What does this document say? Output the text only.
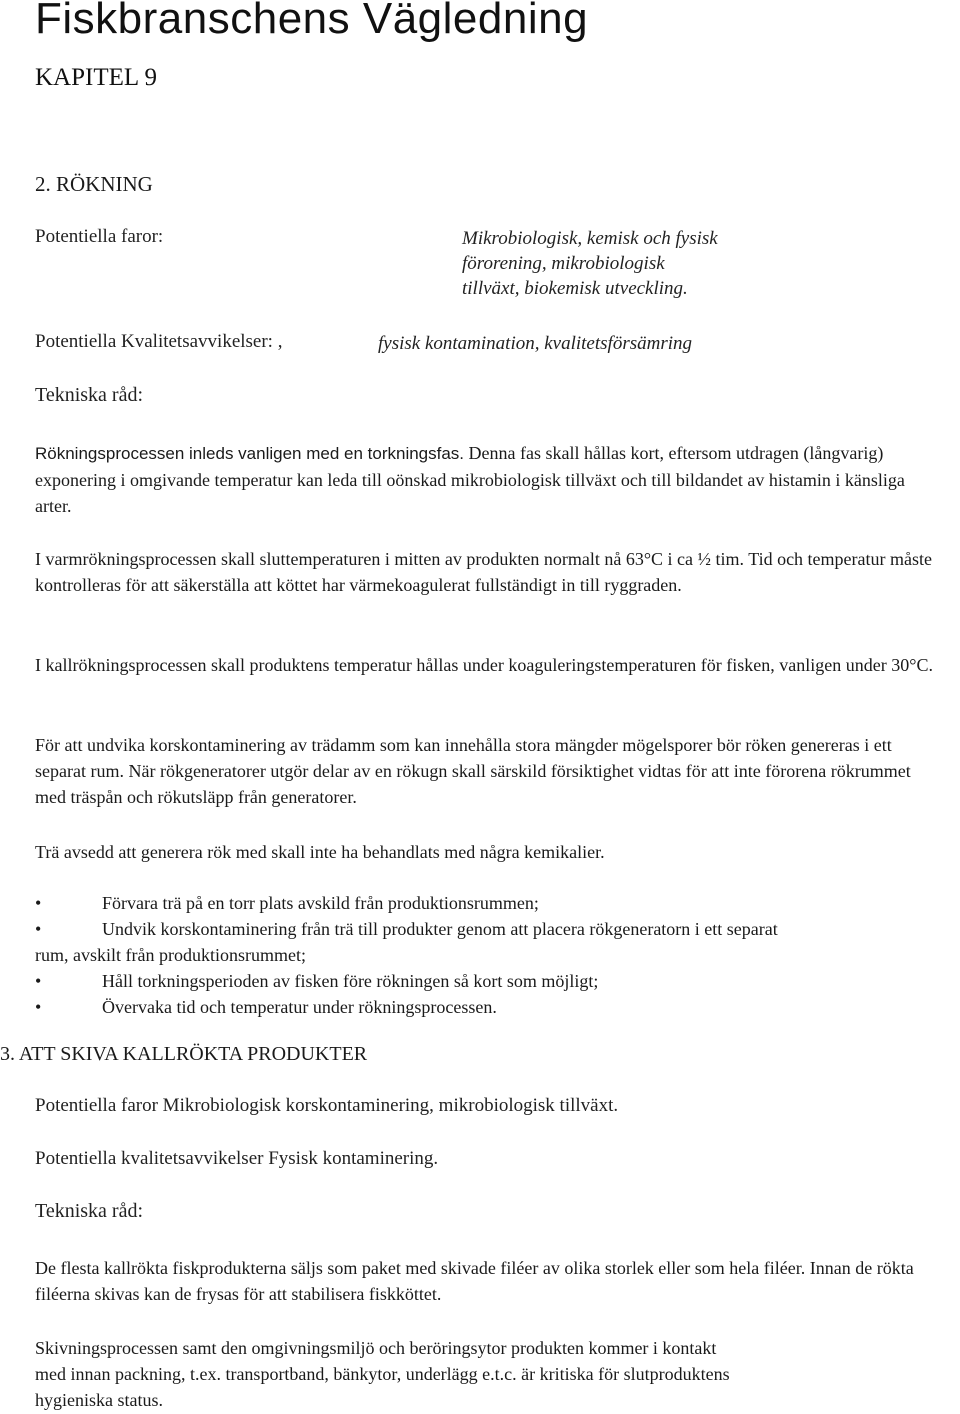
Fiskbranschens Vägledning
KAPITEL 9
2. RÖKNING
Potentiella faror:	Mikrobiologisk, kemisk och fysisk
förorening, mikrobiologisk
tillväxt, biokemisk utveckling.
Potentiella Kvalitetsavvikelser: ,	fysisk kontamination, kvalitetsförsämring
Tekniska råd:
Rökningsprocessen inleds vanligen med en torkningsfas. Denna fas skall hållas kort, eftersom utdragen (långvarig) exponering i omgivande temperatur kan leda till oönskad mikrobiologisk tillväxt och till bildandet av histamin i känsliga arter.
I varmrökningsprocessen skall sluttemperaturen i mitten av produkten normalt nå 63°C i ca ½ tim. Tid och temperatur måste kontrolleras för att säkerställa att köttet har värmekoagulerat fullständigt in till ryggraden.
I kallrökningsprocessen skall produktens temperatur hållas under koaguleringstemperaturen för fisken, vanligen under 30°C.
För att undvika korskontaminering av trädamm som kan innehålla stora mängder mögelsporer bör röken genereras i ett separat rum. När rökgeneratorer utgör delar av en rökugn skall särskild försiktighet vidtas för att inte förorena rökrummet med träspån och rökutsläpp från generatorer.
Trä avsedd att generera rök med skall inte ha behandlats med några kemikalier.
•	Förvara trä på en torr plats avskild från produktionsrummen;
•	Undvik korskontaminering från trä till produkter genom att placera rökgeneratorn i ett separat
rum, avskilt från produktionsrummet;
•	Håll torkningsperioden av fisken före rökningen så kort som möjligt;
•	Övervaka tid och temperatur under rökningsprocessen.
3. ATT SKIVA KALLRÖKTA PRODUKTER
Potentiella faror Mikrobiologisk korskontaminering, mikrobiologisk tillväxt.
Potentiella kvalitetsavvikelser Fysisk kontaminering.
Tekniska råd:
De flesta kallrökta fiskprodukterna säljs som paket med skivade filéer av olika storlek eller som hela filéer. Innan de rökta filéerna skivas kan de frysas för att stabilisera fiskköttet.
Skivningsprocessen samt den omgivningsmiljö och beröringsytor produkten kommer i kontakt
med innan packning, t.ex. transportband, bänkytor, underlägg e.t.c. är kritiska för slutproduktens
hygieniska status.
